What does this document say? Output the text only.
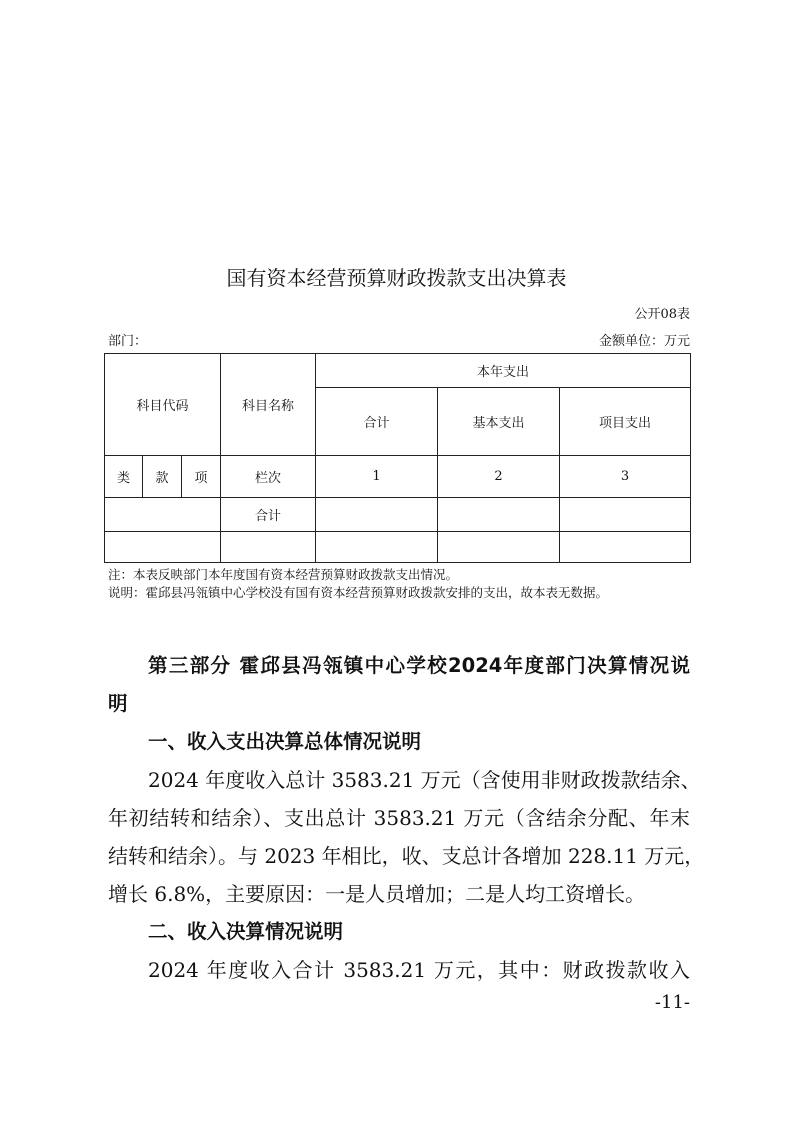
国有资本经营预算财政拨款支出决算表
公开08表
部门：	金额单位：万元
科目代码			科目名称	本年支出		
				合计	基本支出	项目支出
类	款	项	栏次	1	2	3
			合计			

注：本表反映部门本年度国有资本经营预算财政拨款支出情况。
说明：霍邱县冯瓴镇中心学校没有国有资本经营预算财政拨款安排的支出，故本表无数据。
第三部分 霍邱县冯瓴镇中心学校2024年度部门决算情况说
明
一、收入支出决算总体情况说明
2024 年度收入总计 3583.21 万元（含使用非财政拨款结余、
年初结转和结余）、支出总计 3583.21 万元（含结余分配、年末
结转和结余）。与 2023 年相比，收、支总计各增加 228.11 万元，
增长 6.8%，主要原因：一是人员增加；二是人均工资增长。
二、收入决算情况说明
2024 年度收入合计 3583.21 万元，其中：财政拨款收入
-11-
